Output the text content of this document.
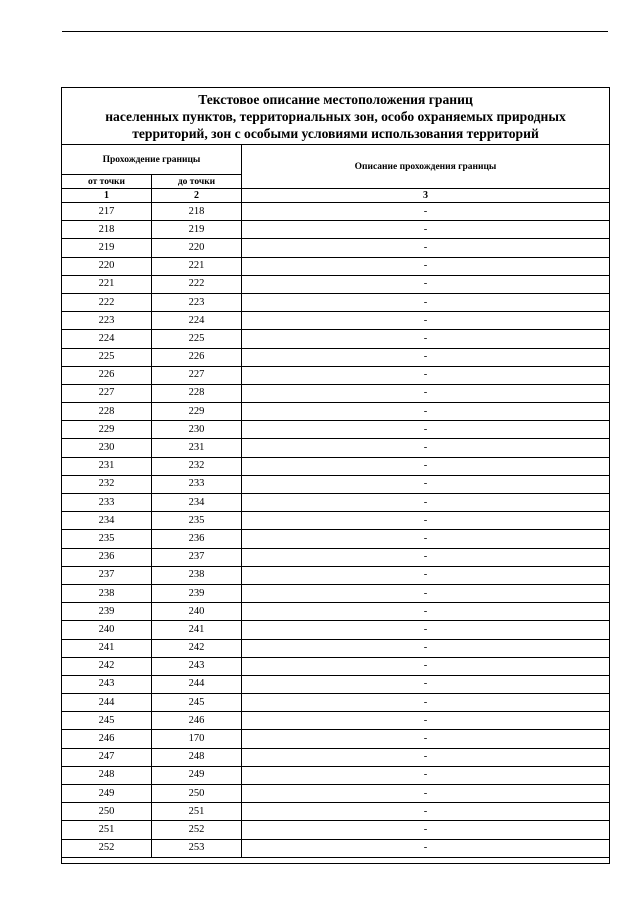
Текстовое описание местоположения границ
населенных пунктов, территориальных зон, особо охраняемых природных
территорий, зон с особыми условиями использования территорий		

Прохождение границы		Описание прохождения границы
от точки	до точки	
1	2	3
217	218	-
218	219	-
219	220	-
220	221	-
221	222	-
222	223	-
223	224	-
224	225	-
225	226	-
226	227	-
227	228	-
228	229	-
229	230	-
230	231	-
231	232	-
232	233	-
233	234	-
234	235	-
235	236	-
236	237	-
237	238	-
238	239	-
239	240	-
240	241	-
241	242	-
242	243	-
243	244	-
244	245	-
245	246	-
246	170	-
247	248	-
248	249	-
249	250	-
250	251	-
251	252	-
252	253	-
